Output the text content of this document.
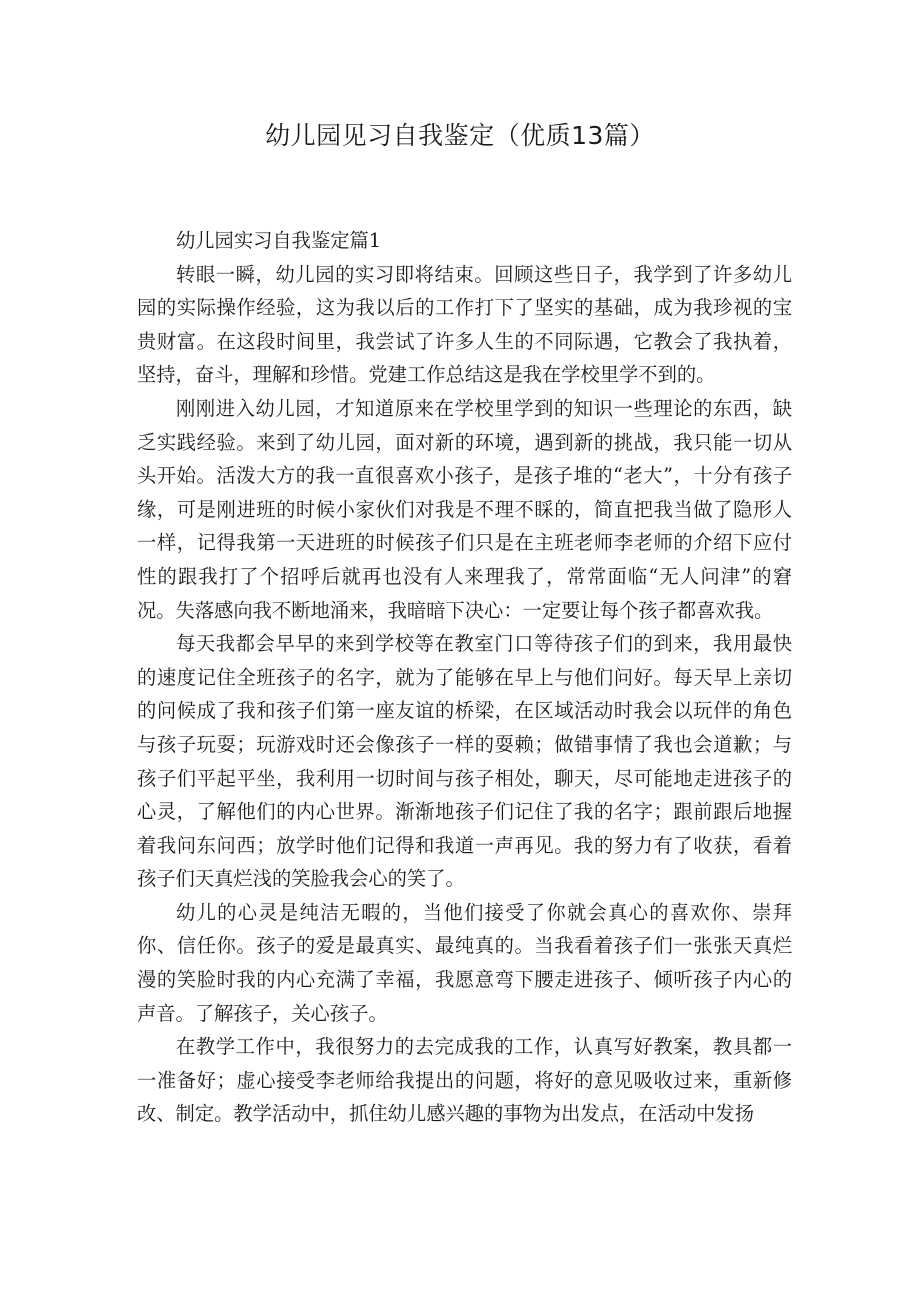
幼儿园见习自我鉴定（优质13篇）

幼儿园实习自我鉴定篇1

转眼一瞬，幼儿园的实习即将结束。回顾这些日子，我学到了许多幼儿园的实际操作经验，这为我以后的工作打下了坚实的基础，成为我珍视的宝贵财富。在这段时间里，我尝试了许多人生的不同际遇，它教会了我执着，坚持，奋斗，理解和珍惜。党建工作总结这是我在学校里学不到的。

刚刚进入幼儿园，才知道原来在学校里学到的知识一些理论的东西，缺乏实践经验。来到了幼儿园，面对新的环境，遇到新的挑战，我只能一切从头开始。活泼大方的我一直很喜欢小孩子，是孩子堆的“老大”，十分有孩子缘，可是刚进班的时候小家伙们对我是不理不睬的，简直把我当做了隐形人一样，记得我第一天进班的时候孩子们只是在主班老师李老师的介绍下应付性的跟我打了个招呼后就再也没有人来理我了，常常面临“无人问津”的窘况。失落感向我不断地涌来，我暗暗下决心：一定要让每个孩子都喜欢我。

每天我都会早早的来到学校等在教室门口等待孩子们的到来，我用最快的速度记住全班孩子的名字，就为了能够在早上与他们问好。每天早上亲切的问候成了我和孩子们第一座友谊的桥梁，在区域活动时我会以玩伴的角色与孩子玩耍；玩游戏时还会像孩子一样的耍赖；做错事情了我也会道歉；与孩子们平起平坐，我利用一切时间与孩子相处，聊天，尽可能地走进孩子的心灵，了解他们的内心世界。渐渐地孩子们记住了我的名字；跟前跟后地握着我问东问西；放学时他们记得和我道一声再见。我的努力有了收获，看着孩子们天真烂浅的笑脸我会心的笑了。

幼儿的心灵是纯洁无暇的，当他们接受了你就会真心的喜欢你、崇拜你、信任你。孩子的爱是最真实、最纯真的。当我看着孩子们一张张天真烂漫的笑脸时我的内心充满了幸福，我愿意弯下腰走进孩子、倾听孩子内心的声音。了解孩子，关心孩子。

在教学工作中，我很努力的去完成我的工作，认真写好教案，教具都一一准备好；虚心接受李老师给我提出的问题，将好的意见吸收过来，重新修改、制定。教学活动中，抓住幼儿感兴趣的事物为出发点，在活动中发扬
